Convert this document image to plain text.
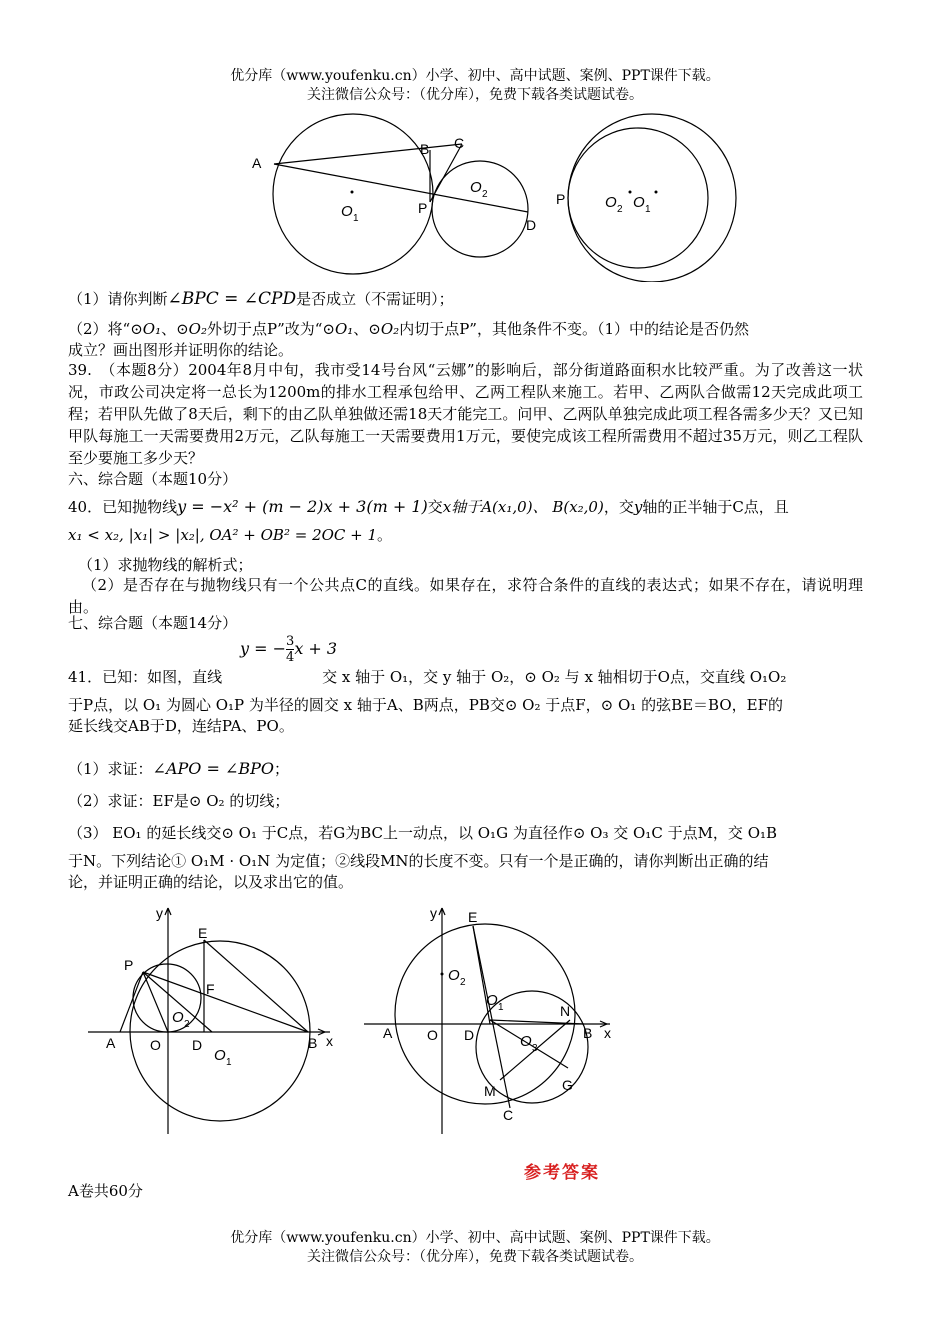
优分库（www.youfenku.cn）小学、初中、高中试题、案例、PPT课件下载。
关注微信公众号：（优分库），免费下载各类试题试卷。
A
B C
D
P
O 1
O 2	P	O 2 O 1
（1）请你判断∠BPC = ∠CPD是否成立（不需证明）；
（2）将“⊙O₁、⊙O₂外切于点P”改为“⊙O₁、⊙O₂内切于点P”，其他条件不变。（1）中的结论是否仍然
成立？画出图形并证明你的结论。
39.　（本题8分）2004年8月中旬，我市受14号台风“云娜”的影响后，部分街道路面积水比较严重。为了改善这一状况，市政公司决定将一总长为1200m的排水工程承包给甲、乙两工程队来施工。若甲、乙两队合做需12天完成此项工程；若甲队先做了8天后，剩下的由乙队单独做还需18天才能完工。问甲、乙两队单独完成此项工程各需多少天？又已知甲队每施工一天需要费用2万元，乙队每施工一天需要费用1万元，要使完成该工程所需费用不超过35万元，则乙工程队至少要施工多少天？
六、综合题（本题10分）
40．已知抛物线y = −x² + (m − 2)x + 3(m + 1)交x轴于A(x₁,0)、 B(x₂,0)，交y轴的正半轴于C点，且
x₁ < x₂, |x₁| > |x₂|, OA² + OB² = 2OC + 1。
（1）求抛物线的解析式；
（2）是否存在与抛物线只有一个公共点C的直线。如果存在，求符合条件的直线的表达式；如果不存在，请说明理由。
七、综合题（本题14分）
y = − $\frac{3}{4}$ x + 3
41．已知：如图，直线	交 x 轴于 O₁，交 y 轴于 O₂，⊙ O₂ 与 x 轴相切于O点，交直线 O₁O₂
于P点，以 O₁ 为圆心 O₁P 为半径的圆交 x 轴于A、B两点，PB交⊙ O₂ 于点F，⊙ O₁ 的弦BE＝BO，EF的
延长线交AB于D，连结PA、PO。
（1）求证：∠APO = ∠BPO；
（2）求证：EF是⊙ O₂ 的切线；
（3） EO₁ 的延长线交⊙ O₁ 于C点，若G为BC上一动点，以 O₁G 为直径作⊙ O₃ 交 O₁C 于点M，交 O₁B
于N。下列结论① O₁M · O₁N 为定值；②线段MN的长度不变。只有一个是正确的，请你判断出正确的结
论，并证明正确的结论，以及求出它的值。
y
x
E
P
F
A O D	B
O 1
O 2
y
x
E
O 2
O 1
O 3
A O D
N
B
M	G
C
参考答案
A卷共60分
优分库（www.youfenku.cn）小学、初中、高中试题、案例、PPT课件下载。
关注微信公众号：（优分库），免费下载各类试题试卷。
